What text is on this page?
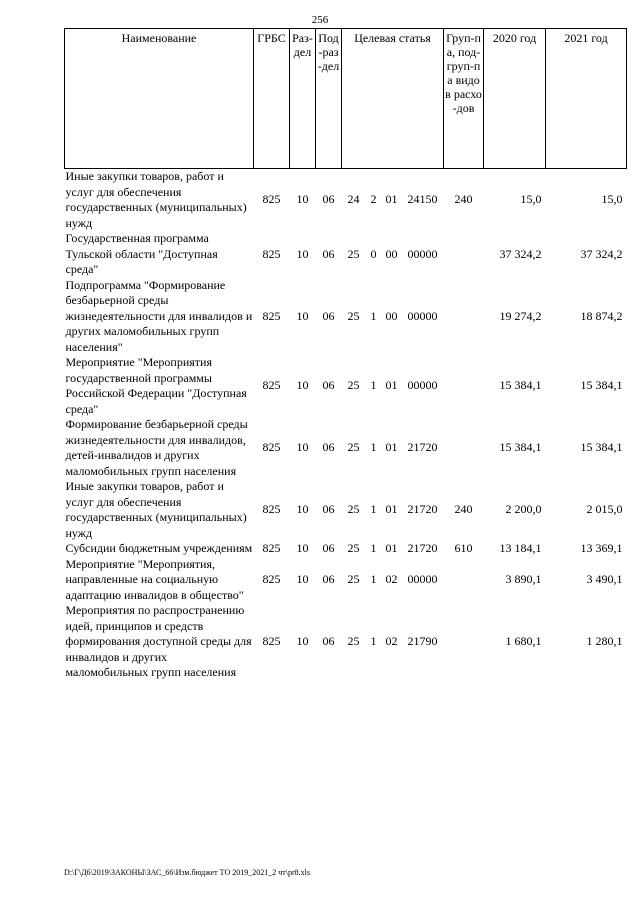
256
Наименование	ГРБС	Раз-дел	Под-раз-дел	Целевая статья				Груп-па, под-груп-па видов расхо-дов	2020 год	2021 год
Иные закупки товаров, работ и услуг для обеспечения государственных (муниципальных) нужд	825	10	06	24	2	01	24150	240	15,0	15,0
Государственная программа Тульской области "Доступная среда"	825	10	06	25	0	00	00000		37 324,2	37 324,2
Подпрограмма "Формирование безбарьерной среды жизнедеятельности для инвалидов и других маломобильных групп населения"	825	10	06	25	1	00	00000		19 274,2	18 874,2
Мероприятие "Мероприятия государственной программы Российской Федерации "Доступная среда"	825	10	06	25	1	01	00000		15 384,1	15 384,1
Формирование безбарьерной среды жизнедеятельности для инвалидов, детей-инвалидов и других маломобильных групп населения	825	10	06	25	1	01	21720		15 384,1	15 384,1
Иные закупки товаров, работ и услуг для обеспечения государственных (муниципальных) нужд	825	10	06	25	1	01	21720	240	2 200,0	2 015,0
Субсидии бюджетным учреждениям	825	10	06	25	1	01	21720	610	13 184,1	13 369,1
Мероприятие "Мероприятия, направленные на социальную адаптацию инвалидов в общество"	825	10	06	25	1	02	00000		3 890,1	3 490,1
Мероприятия по распространению идей, принципов и средств формирования доступной среды для инвалидов и других маломобильных групп населения	825	10	06	25	1	02	21790		1 680,1	1 280,1
D:\Г\Д6\2019\ЗАКОНЫ\ЗАС_66\Изм.бюджет ТО 2019_2021_2 чт\pr8.xls
